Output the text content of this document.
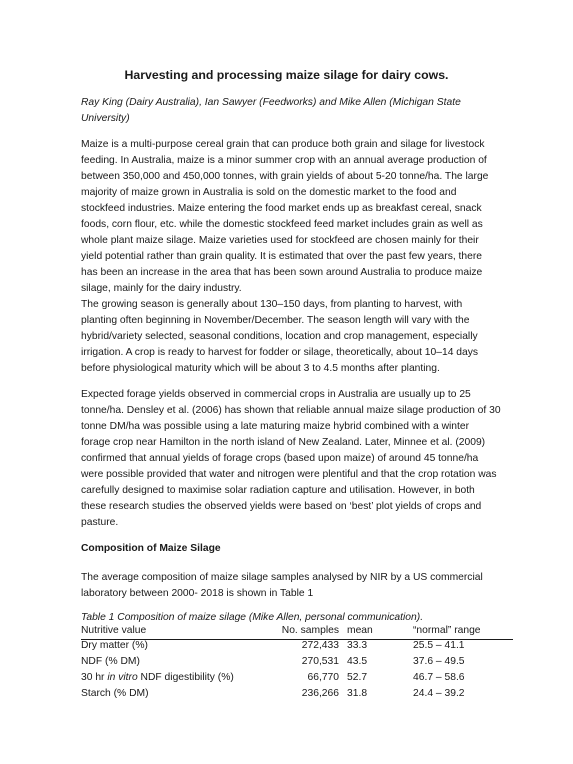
Harvesting and processing maize silage for dairy cows.
Ray King (Dairy Australia), Ian Sawyer (Feedworks) and Mike Allen (Michigan State University)
Maize is a multi-purpose cereal grain that can produce both grain and silage for livestock feeding. In Australia, maize is a minor summer crop with an annual average production of between 350,000 and 450,000 tonnes, with grain yields of about 5-20 tonne/ha. The large majority of maize grown in Australia is sold on the domestic market to the food and stockfeed industries. Maize entering the food market ends up as breakfast cereal, snack foods, corn flour, etc. while the domestic stockfeed feed market includes grain as well as whole plant maize silage. Maize varieties used for stockfeed are chosen mainly for their yield potential rather than grain quality. It is estimated that over the past few years, there has been an increase in the area that has been sown around Australia to produce maize silage, mainly for the dairy industry.
The growing season is generally about 130–150 days, from planting to harvest, with planting often beginning in November/December. The season length will vary with the hybrid/variety selected, seasonal conditions, location and crop management, especially irrigation. A crop is ready to harvest for fodder or silage, theoretically, about 10–14 days before physiological maturity which will be about 3 to 4.5 months after planting.
Expected forage yields observed in commercial crops in Australia are usually up to 25 tonne/ha. Densley et al. (2006) has shown that reliable annual maize silage production of 30 tonne DM/ha was possible using a late maturing maize hybrid combined with a winter forage crop near Hamilton in the north island of New Zealand. Later, Minnee et al. (2009) confirmed that annual yields of forage crops (based upon maize) of around 45 tonne/ha were possible provided that water and nitrogen were plentiful and that the crop rotation was carefully designed to maximise solar radiation capture and utilisation. However, in both these research studies the observed yields were based on ‘best’ plot yields of crops and pasture.
Composition of Maize Silage
The average composition of maize silage samples analysed by NIR by a US commercial laboratory between 2000- 2018 is shown in Table 1
Table 1 Composition of maize silage (Mike Allen, personal communication).
Nutritive value	No. samples	mean	“normal” range
Dry matter (%)	272,433	33.3	25.5 – 41.1
NDF (% DM)	270,531	43.5	37.6 – 49.5
30 hr in vitro NDF digestibility (%)	66,770	52.7	46.7 – 58.6
Starch (% DM)	236,266	31.8	24.4 – 39.2
